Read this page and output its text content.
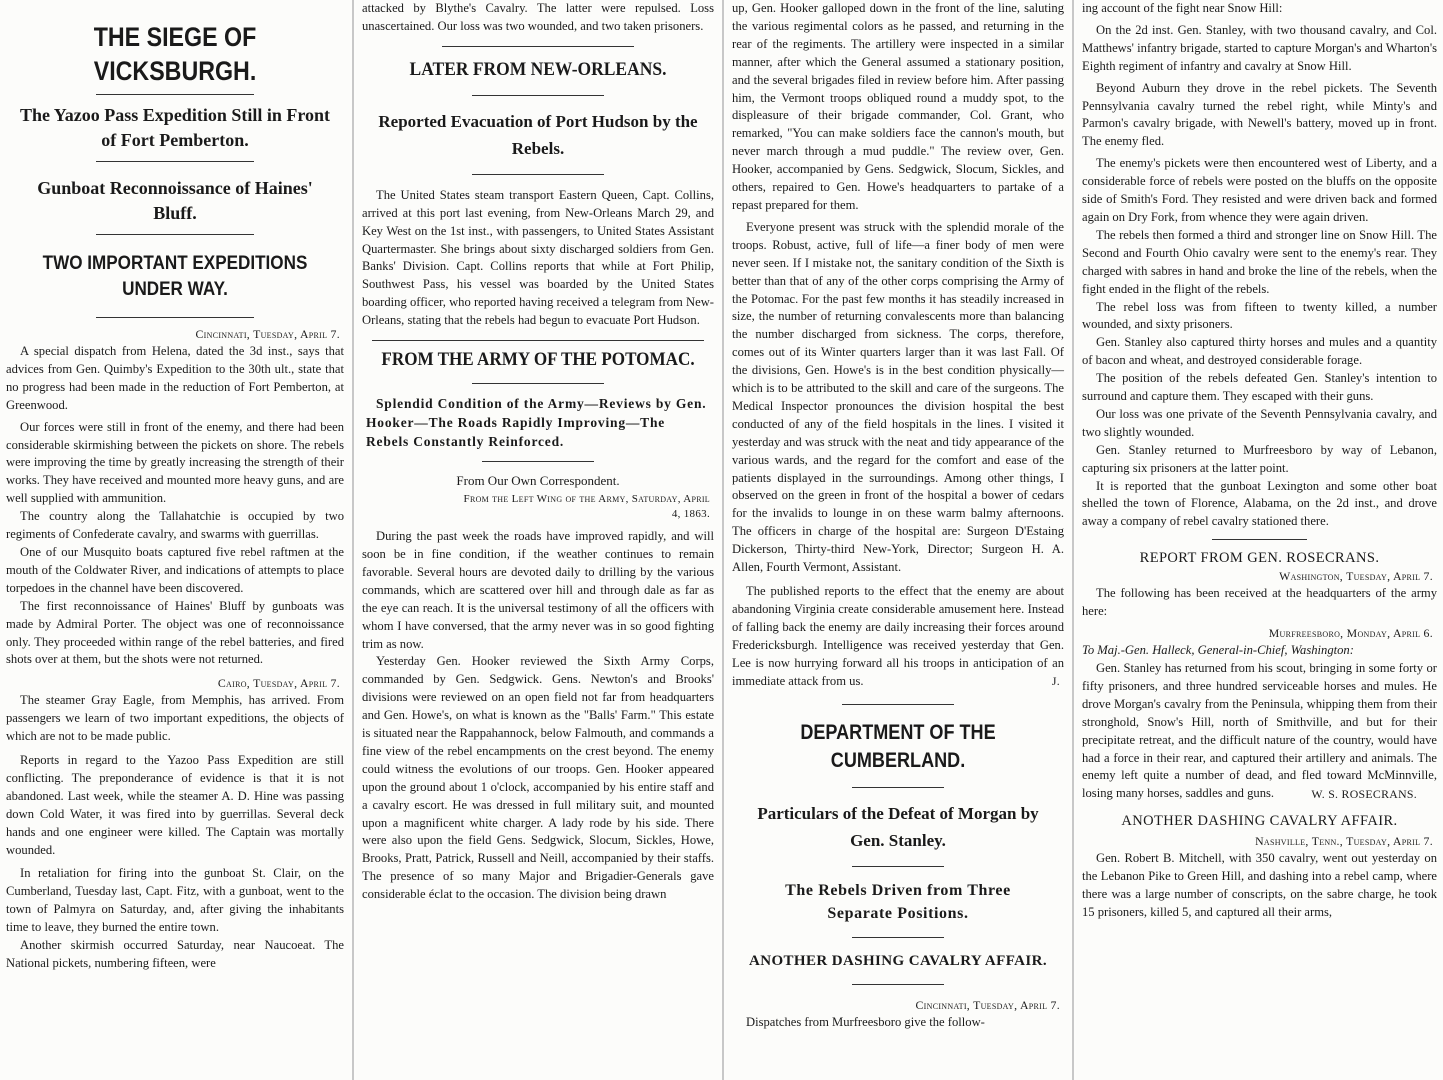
THE SIEGE OF VICKSBURGH.
The Yazoo Pass Expedition Still in Front of Fort Pemberton.
Gunboat Reconnoissance of Haines' Bluff.
TWO IMPORTANT EXPEDITIONS UNDER WAY.
Cincinnati, Tuesday, April 7.

A special dispatch from Helena, dated the 3d inst., says that advices from Gen. Quimby's Expedition to the 30th ult., state that no progress had been made in the reduction of Fort Pemberton, at Greenwood.

Our forces were still in front of the enemy, and there had been considerable skirmishing between the pickets on shore. The rebels were improving the time by greatly increasing the strength of their works. They have received and mounted more heavy guns, and are well supplied with ammunition.

The country along the Tallahatchie is occupied by two regiments of Confederate cavalry, and swarms with guerrillas.

One of our Musquito boats captured five rebel raftmen at the mouth of the Coldwater River, and indications of attempts to place torpedoes in the channel have been discovered.

The first reconnoissance of Haines' Bluff by gunboats was made by Admiral Porter. The object was one of reconnoissance only. They proceeded within range of the rebel batteries, and fired shots over at them, but the shots were not returned.

Cairo, Tuesday, April 7.

The steamer Gray Eagle, from Memphis, has arrived. From passengers we learn of two important expeditions, the objects of which are not to be made public.

Reports in regard to the Yazoo Pass Expedition are still conflicting. The preponderance of evidence is that it is not abandoned. Last week, while the steamer A. D. Hine was passing down Cold Water, it was fired into by guerrillas. Several deck hands and one engineer were killed. The Captain was mortally wounded.

In retaliation for firing into the gunboat St. Clair, on the Cumberland, Tuesday last, Capt. Fitz, with a gunboat, went to the town of Palmyra on Saturday, and, after giving the inhabitants time to leave, they burned the entire town.

Another skirmish occurred Saturday, near Naucoeat. The National pickets, numbering fifteen, were

attacked by Blythe's Cavalry. The latter were repulsed. Loss unascertained. Our loss was two wounded, and two taken prisoners.

LATER FROM NEW-ORLEANS.
Reported Evacuation of Port Hudson by the Rebels.

The United States steam transport Eastern Queen, Capt. Collins, arrived at this port last evening, from New-Orleans March 29, and Key West on the 1st inst., with passengers, to United States Assistant Quartermaster. She brings about sixty discharged soldiers from Gen. Banks' Division. Capt. Collins reports that while at Fort Philip, Southwest Pass, his vessel was boarded by the United States boarding officer, who reported having received a telegram from New-Orleans, stating that the rebels had begun to evacuate Port Hudson.

FROM THE ARMY OF THE POTOMAC.
Splendid Condition of the Army—Reviews by Gen. Hooker—The Roads Rapidly Improving—The Rebels Constantly Reinforced.
From Our Own Correspondent.
From the Left Wing of the Army, Saturday, April 4, 1863.

During the past week the roads have improved rapidly, and will soon be in fine condition, if the weather continues to remain favorable. Several hours are devoted daily to drilling by the various commands, which are scattered over hill and through dale as far as the eye can reach. It is the universal testimony of all the officers with whom I have conversed, that the army never was in so good fighting trim as now.

Yesterday Gen. Hooker reviewed the Sixth Army Corps, commanded by Gen. Sedgwick. Gens. Newton's and Brooks' divisions were reviewed on an open field not far from headquarters and Gen. Howe's, on what is known as the "Balls' Farm." This estate is situated near the Rappahannock, below Falmouth, and commands a fine view of the rebel encampments on the crest beyond. The enemy could witness the evolutions of our troops. Gen. Hooker appeared upon the ground about 1 o'clock, accompanied by his entire staff and a cavalry escort. He was dressed in full military suit, and mounted upon a magnificent white charger. A lady rode by his side. There were also upon the field Gens. Sedgwick, Slocum, Sickles, Howe, Brooks, Pratt, Patrick, Russell and Neill, accompanied by their staffs. The presence of so many Major and Brigadier-Generals gave considerable éclat to the occasion. The division being drawn

up, Gen. Hooker galloped down in the front of the line, saluting the various regimental colors as he passed, and returning in the rear of the regiments. The artillery were inspected in a similar manner, after which the General assumed a stationary position, and the several brigades filed in review before him. After passing him, the Vermont troops obliqued round a muddy spot, to the displeasure of their brigade commander, Col. Grant, who remarked, "You can make soldiers face the cannon's mouth, but never march through a mud puddle." The review over, Gen. Hooker, accompanied by Gens. Sedgwick, Slocum, Sickles, and others, repaired to Gen. Howe's headquarters to partake of a repast prepared for them.

Everyone present was struck with the splendid morale of the troops. Robust, active, full of life—a finer body of men were never seen. If I mistake not, the sanitary condition of the Sixth is better than that of any of the other corps comprising the Army of the Potomac. For the past few months it has steadily increased in size, the number of returning convalescents more than balancing the number discharged from sickness. The corps, therefore, comes out of its Winter quarters larger than it was last Fall. Of the divisions, Gen. Howe's is in the best condition physically—which is to be attributed to the skill and care of the surgeons. The Medical Inspector pronounces the division hospital the best conducted of any of the field hospitals in the lines. I visited it yesterday and was struck with the neat and tidy appearance of the various wards, and the regard for the comfort and ease of the patients displayed in the surroundings. Among other things, I observed on the green in front of the hospital a bower of cedars for the invalids to lounge in on these warm balmy afternoons. The officers in charge of the hospital are: Surgeon D'Estaing Dickerson, Thirty-third New-York, Director; Surgeon H. A. Allen, Fourth Vermont, Assistant.

The published reports to the effect that the enemy are about abandoning Virginia create considerable amusement here. Instead of falling back the enemy are daily increasing their forces around Fredericksburgh. Intelligence was received yesterday that Gen. Lee is now hurrying forward all his troops in anticipation of an immediate attack from us.	J.
DEPARTMENT OF THE CUMBERLAND.
Particulars of the Defeat of Morgan by Gen. Stanley.
The Rebels Driven from Three Separate Positions.
ANOTHER DASHING CAVALRY AFFAIR.
Cincinnati, Tuesday, April 7.

Dispatches from Murfreesboro give the follow-

ing account of the fight near Snow Hill:

On the 2d inst. Gen. Stanley, with two thousand cavalry, and Col. Matthews' infantry brigade, started to capture Morgan's and Wharton's Eighth regiment of infantry and cavalry at Snow Hill.

Beyond Auburn they drove in the rebel pickets. The Seventh Pennsylvania cavalry turned the rebel right, while Minty's and Parmon's cavalry brigade, with Newell's battery, moved up in front. The enemy fled.

The enemy's pickets were then encountered west of Liberty, and a considerable force of rebels were posted on the bluffs on the opposite side of Smith's Ford. They resisted and were driven back and formed again on Dry Fork, from whence they were again driven.

The rebels then formed a third and stronger line on Snow Hill. The Second and Fourth Ohio cavalry were sent to the enemy's rear. They charged with sabres in hand and broke the line of the rebels, when the fight ended in the flight of the rebels.

The rebel loss was from fifteen to twenty killed, a number wounded, and sixty prisoners.

Gen. Stanley also captured thirty horses and mules and a quantity of bacon and wheat, and destroyed considerable forage.

The position of the rebels defeated Gen. Stanley's intention to surround and capture them. They escaped with their guns.

Our loss was one private of the Seventh Pennsylvania cavalry, and two slightly wounded.

Gen. Stanley returned to Murfreesboro by way of Lebanon, capturing six prisoners at the latter point.

It is reported that the gunboat Lexington and some other boat shelled the town of Florence, Alabama, on the 2d inst., and drove away a company of rebel cavalry stationed there.

REPORT FROM GEN. ROSECRANS.
Washington, Tuesday, April 7.

The following has been received at the headquarters of the army here:

Murfreesboro, Monday, April 6.

To Maj.-Gen. Halleck, General-in-Chief, Washington:

Gen. Stanley has returned from his scout, bringing in some forty or fifty prisoners, and three hundred serviceable horses and mules. He drove Morgan's cavalry from the Peninsula, whipping them from their stronghold, Snow's Hill, north of Smithville, and but for their precipitate retreat, and the difficult nature of the country, would have had a force in their rear, and captured their artillery and animals. The enemy left quite a number of dead, and fled toward McMinnville, losing many horses, saddles and guns.	W. S. ROSECRANS.
ANOTHER DASHING CAVALRY AFFAIR.
Nashville, Tenn., Tuesday, April 7.

Gen. Robert B. Mitchell, with 350 cavalry, went out yesterday on the Lebanon Pike to Green Hill, and dashing into a rebel camp, where there was a large number of conscripts, on the sabre charge, he took 15 prisoners, killed 5, and captured all their arms,
